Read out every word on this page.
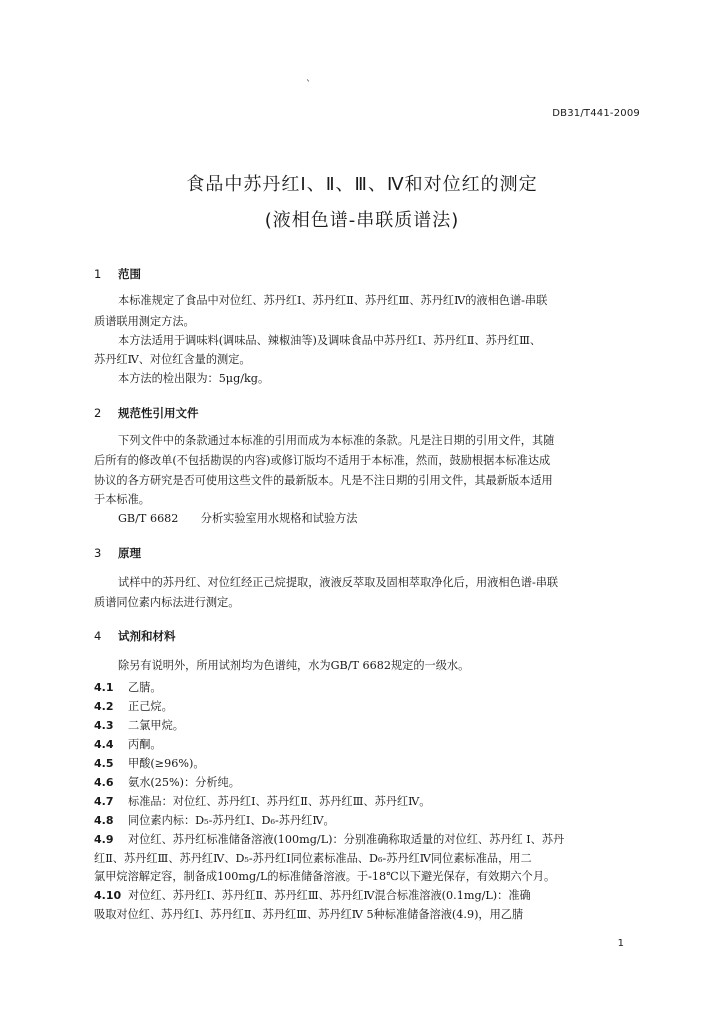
`
DB31/T441-2009
食品中苏丹红Ⅰ、Ⅱ、Ⅲ、Ⅳ和对位红的测定
(液相色谱-串联质谱法)
1 范围
本标准规定了食品中对位红、苏丹红Ⅰ、苏丹红Ⅱ、苏丹红Ⅲ、苏丹红Ⅳ的液相色谱-串联
质谱联用测定方法。
本方法适用于调味料(调味品、辣椒油等)及调味食品中苏丹红Ⅰ、苏丹红Ⅱ、苏丹红Ⅲ、
苏丹红Ⅳ、对位红含量的测定。
本方法的检出限为：5μg/kg。
2 规范性引用文件
下列文件中的条款通过本标准的引用而成为本标准的条款。凡是注日期的引用文件，其随
后所有的修改单(不包括勘误的内容)或修订版均不适用于本标准，然而，鼓励根据本标准达成
协议的各方研究是否可使用这些文件的最新版本。凡是不注日期的引用文件，其最新版本适用
于本标准。
GB/T 6682　　分析实验室用水规格和试验方法
3 原理
试样中的苏丹红、对位红经正己烷提取，液液反萃取及固相萃取净化后，用液相色谱-串联
质谱同位素内标法进行测定。
4 试剂和材料
除另有说明外，所用试剂均为色谱纯，水为GB/T 6682规定的一级水。
4.1 乙腈。
4.2 正己烷。
4.3 二氯甲烷。
4.4 丙酮。
4.5 甲酸(≥96%)。
4.6 氨水(25%)：分析纯。
4.7 标准品：对位红、苏丹红Ⅰ、苏丹红Ⅱ、苏丹红Ⅲ、苏丹红Ⅳ。
4.8 同位素内标：D₅-苏丹红Ⅰ、D₆-苏丹红Ⅳ。
4.9 对位红、苏丹红标准储备溶液(100mg/L)：分别准确称取适量的对位红、苏丹红 Ⅰ、苏丹
红Ⅱ、苏丹红Ⅲ、苏丹红Ⅳ、D₅-苏丹红Ⅰ同位素标准品、D₆-苏丹红Ⅳ同位素标准品，用二
氯甲烷溶解定容，制备成100mg/L的标准储备溶液。于-18℃以下避光保存，有效期六个月。
4.10 对位红、苏丹红Ⅰ、苏丹红Ⅱ、苏丹红Ⅲ、苏丹红Ⅳ混合标准溶液(0.1mg/L)：准确
吸取对位红、苏丹红Ⅰ、苏丹红Ⅱ、苏丹红Ⅲ、苏丹红Ⅳ 5种标准储备溶液(4.9)，用乙腈
1
